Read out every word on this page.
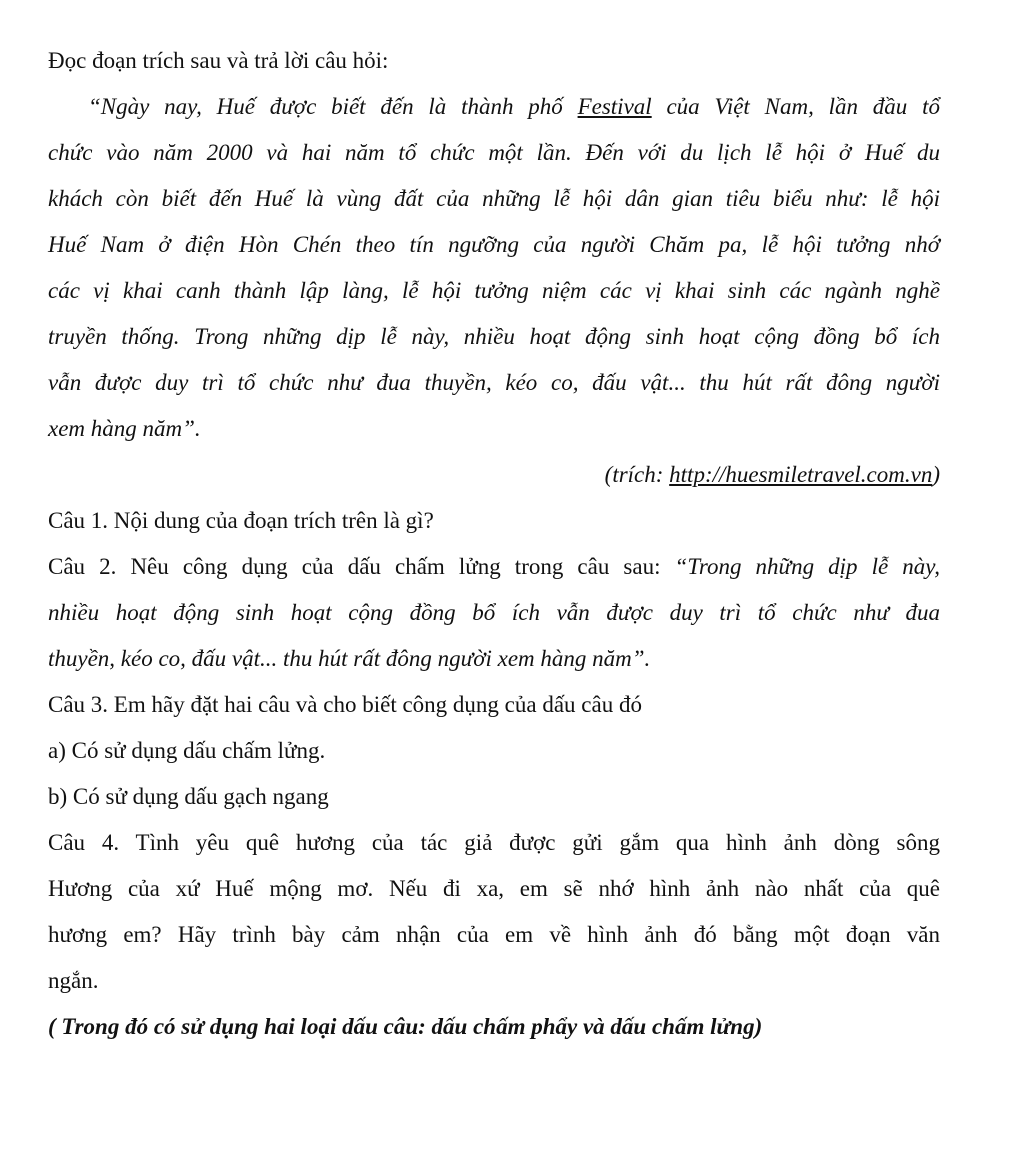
Đọc đoạn trích sau và trả lời câu hỏi:
“Ngày nay, Huế được biết đến là thành phố Festival của Việt Nam, lần đầu tổ
chức vào năm 2000 và hai năm tổ chức một lần. Đến với du lịch lễ hội ở Huế du
khách còn biết đến Huế là vùng đất của những lễ hội dân gian tiêu biểu như: lễ hội
Huế Nam ở điện Hòn Chén theo tín ngưỡng của người Chăm pa, lễ hội tưởng nhớ
các vị khai canh thành lập làng, lễ hội tưởng niệm các vị khai sinh các ngành nghề
truyền thống. Trong những dịp lễ này, nhiều hoạt động sinh hoạt cộng đồng bổ ích
vẫn được duy trì tổ chức như đua thuyền, kéo co, đấu vật... thu hút rất đông người
xem hàng năm”.
(trích: http://huesmiletravel.com.vn)
Câu 1. Nội dung của đoạn trích trên là gì?
Câu 2. Nêu công dụng của dấu chấm lửng trong câu sau: “Trong những dịp lễ này,
nhiều hoạt động sinh hoạt cộng đồng bổ ích vẫn được duy trì tổ chức như đua
thuyền, kéo co, đấu vật... thu hút rất đông người xem hàng năm”.
Câu 3. Em hãy đặt hai câu và cho biết công dụng của dấu câu đó
a) Có sử dụng dấu chấm lửng.
b) Có sử dụng dấu gạch ngang
Câu 4. Tình yêu quê hương của tác giả được gửi gắm qua hình ảnh dòng sông
Hương của xứ Huế mộng mơ. Nếu đi xa, em sẽ nhớ hình ảnh nào nhất của quê
hương em? Hãy trình bày cảm nhận của em về hình ảnh đó bằng một đoạn văn
ngắn.
( Trong đó có sử dụng hai loại dấu câu: dấu chấm phẩy và dấu chấm lửng)
